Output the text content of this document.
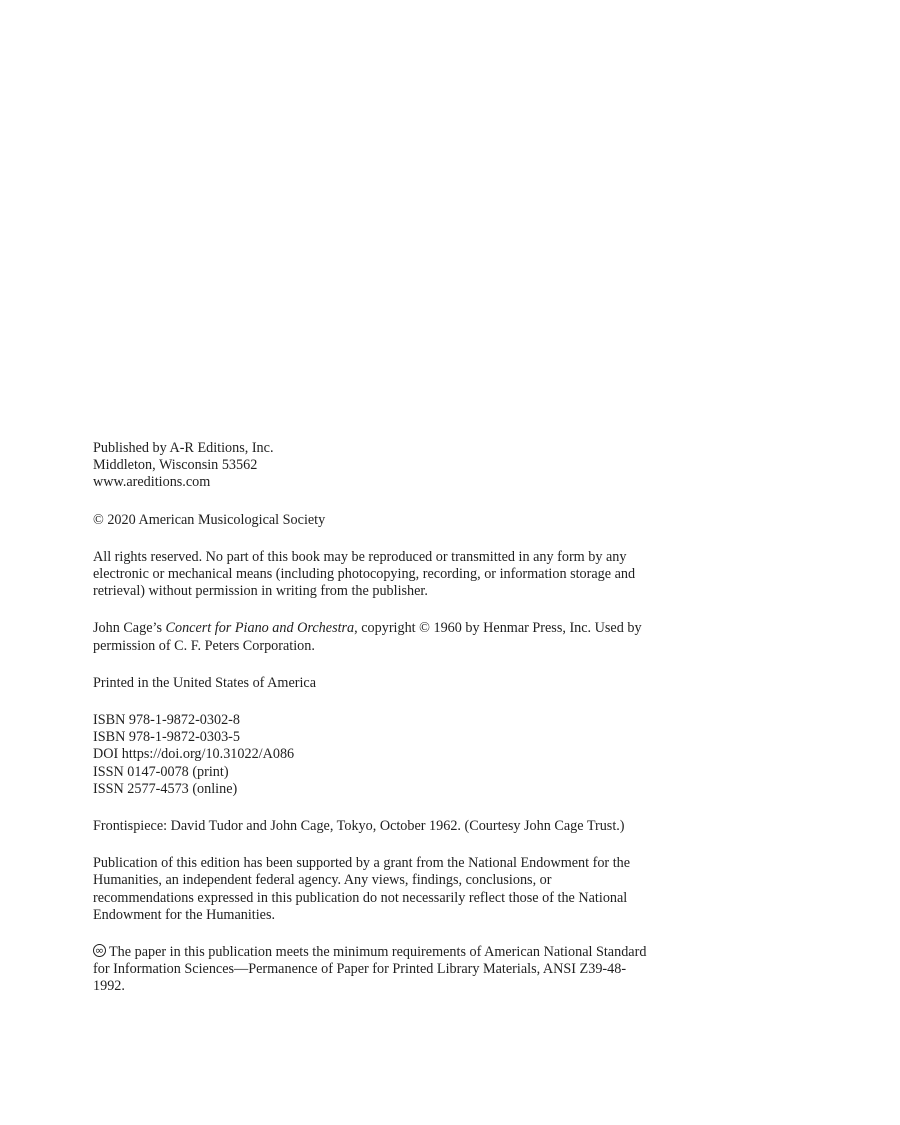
Published by A-R Editions, Inc.
Middleton, Wisconsin 53562
www.areditions.com
© 2020 American Musicological Society
All rights reserved. No part of this book may be reproduced or transmitted in any form by any electronic or mechanical means (including photocopying, recording, or information storage and retrieval) without permission in writing from the publisher.
John Cage’s Concert for Piano and Orchestra, copyright © 1960 by Henmar Press, Inc. Used by permission of C. F. Peters Corporation.
Printed in the United States of America
ISBN 978-1-9872-0302-8
ISBN 978-1-9872-0303-5
DOI https://doi.org/10.31022/A086
ISSN 0147-0078 (print)
ISSN 2577-4573 (online)
Frontispiece: David Tudor and John Cage, Tokyo, October 1962. (Courtesy John Cage Trust.)
Publication of this edition has been supported by a grant from the National Endowment for the Humanities, an independent federal agency. Any views, findings, conclusions, or recommendations expressed in this publication do not necessarily reflect those of the National Endowment for the Humanities.
∞The paper in this publication meets the minimum requirements of American National Standard for Information Sciences—Permanence of Paper for Printed Library Materials, ANSI Z39-48-1992.
